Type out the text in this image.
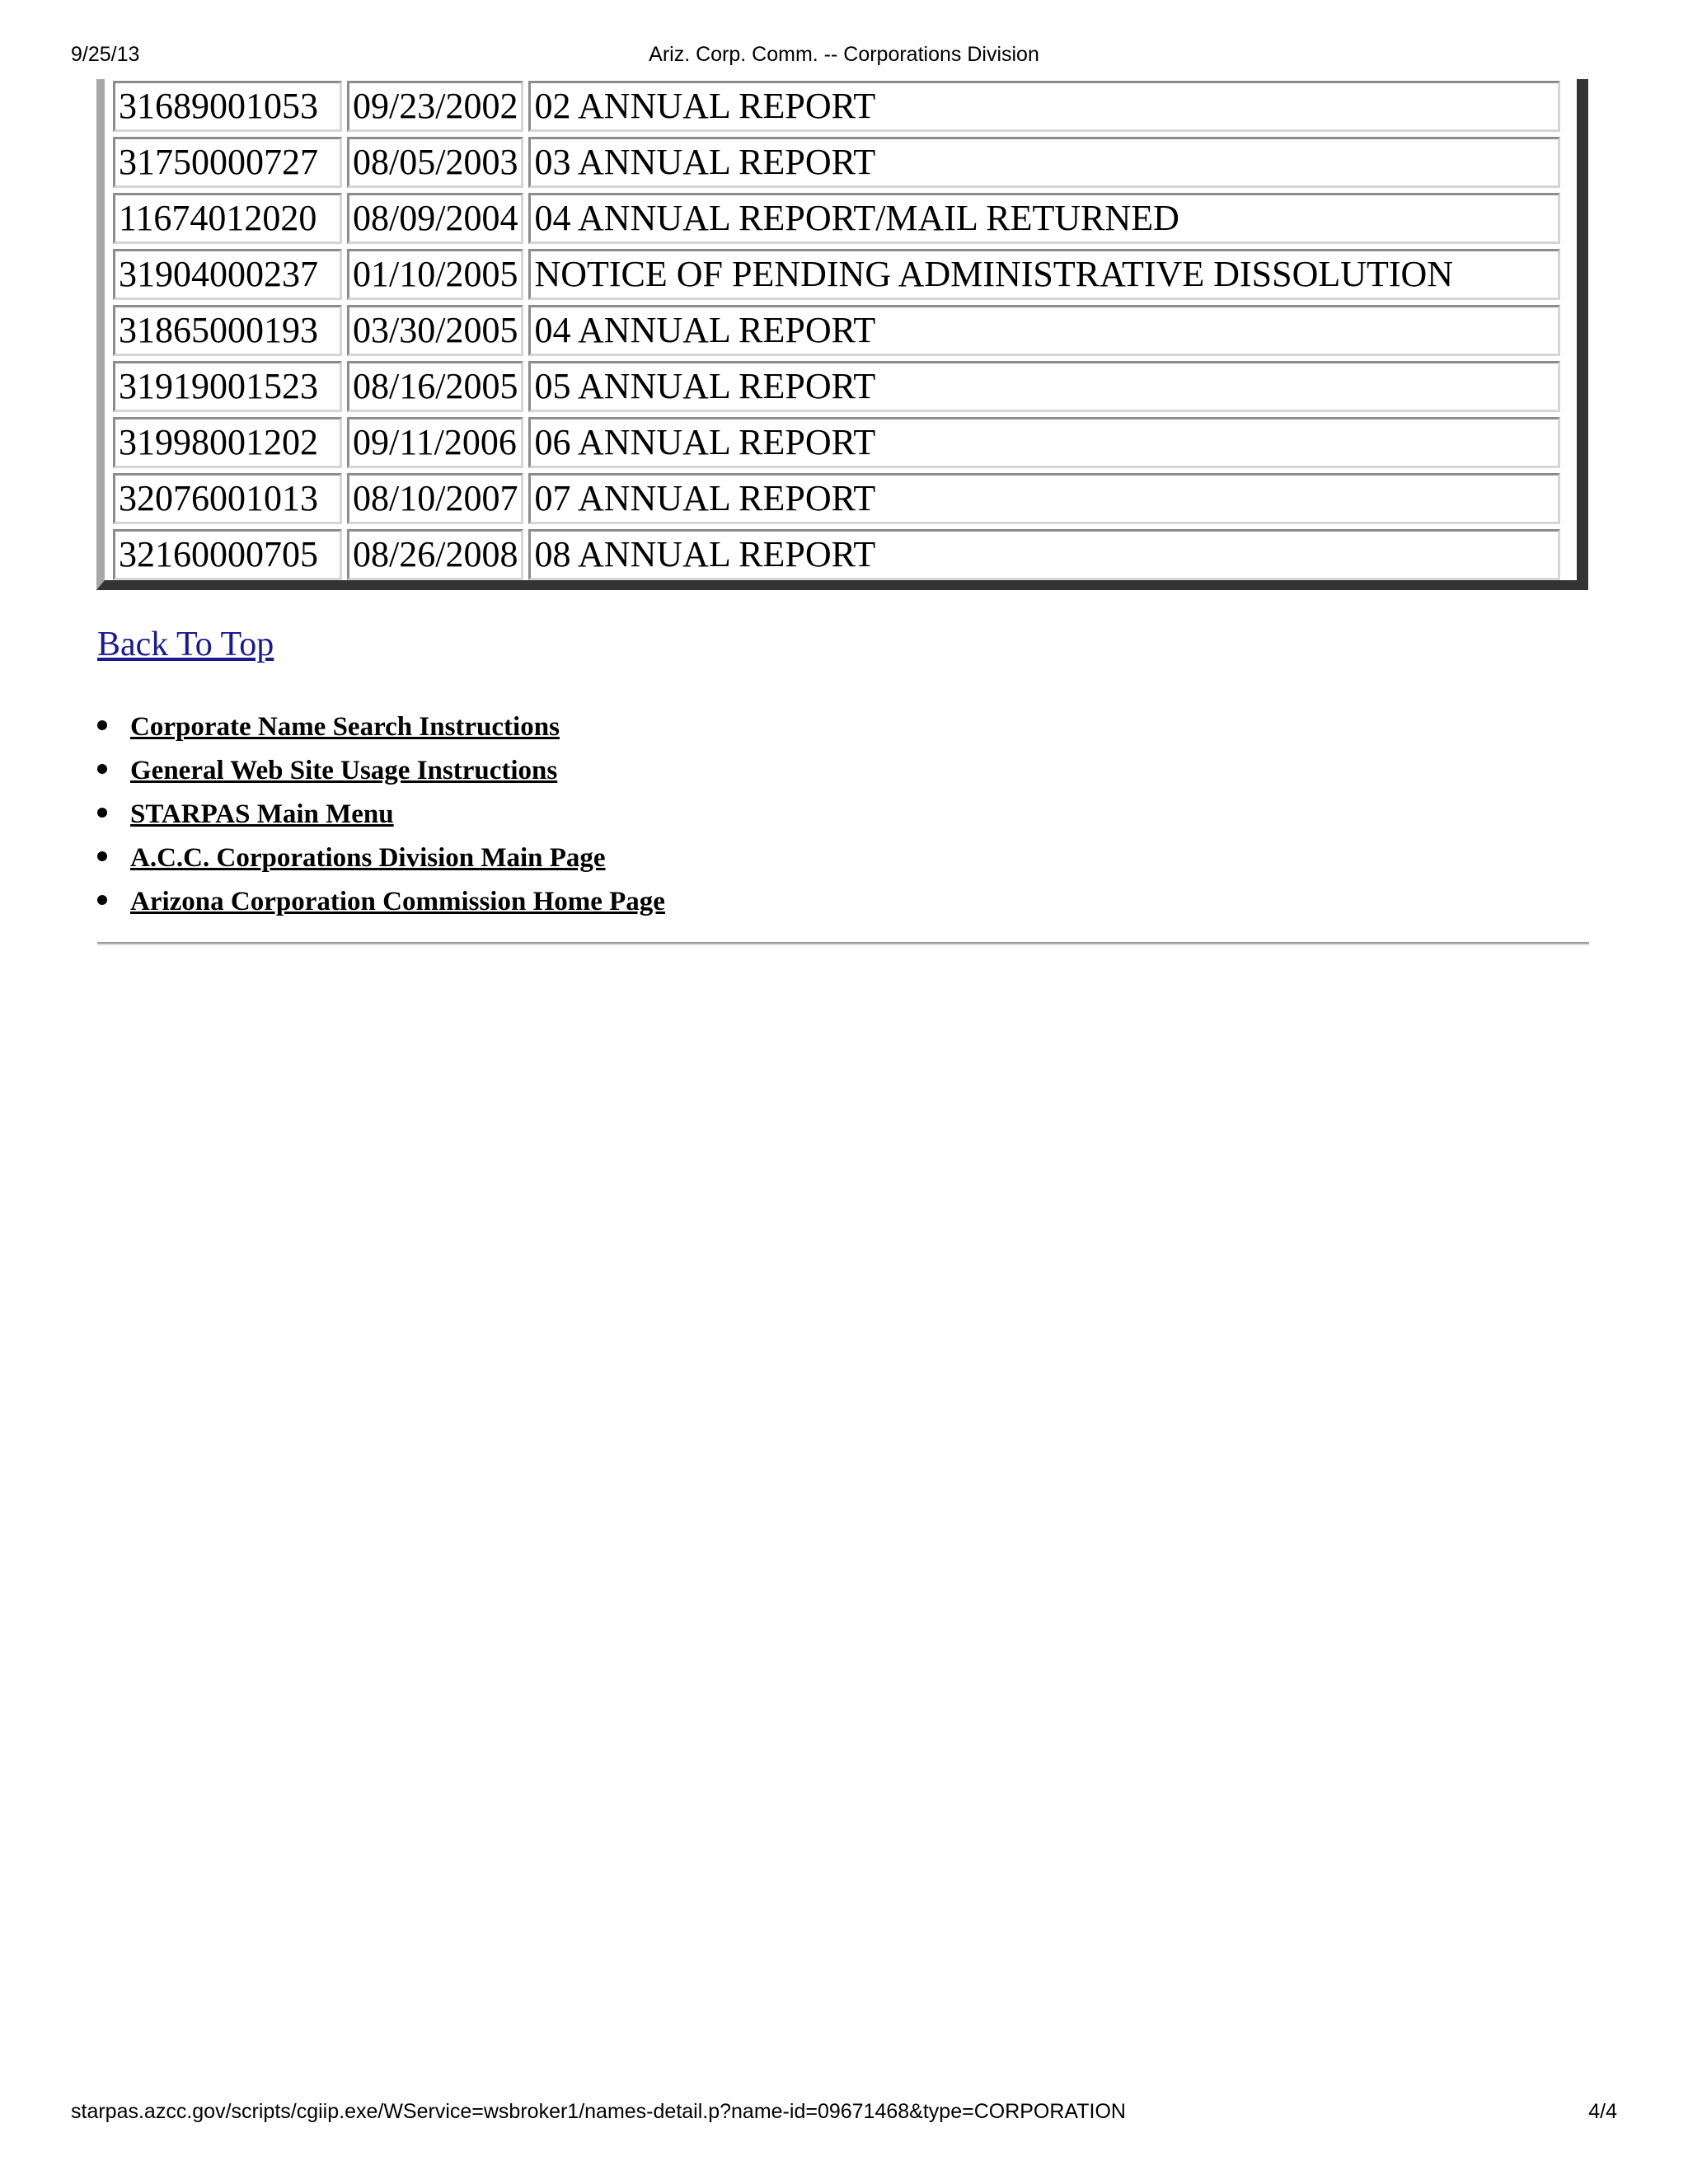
9/25/13	Ariz. Corp. Comm. -- Corporations Division
31689001053	09/23/2002	02 ANNUAL REPORT
31750000727	08/05/2003	03 ANNUAL REPORT
11674012020	08/09/2004	04 ANNUAL REPORT/MAIL RETURNED
31904000237	01/10/2005	NOTICE OF PENDING ADMINISTRATIVE DISSOLUTION
31865000193	03/30/2005	04 ANNUAL REPORT
31919001523	08/16/2005	05 ANNUAL REPORT
31998001202	09/11/2006	06 ANNUAL REPORT
32076001013	08/10/2007	07 ANNUAL REPORT
32160000705	08/26/2008	08 ANNUAL REPORT
Back To Top
Corporate Name Search Instructions
General Web Site Usage Instructions
STARPAS Main Menu
A.C.C. Corporations Division Main Page
Arizona Corporation Commission Home Page
starpas.azcc.gov/scripts/cgiip.exe/WService=wsbroker1/names-detail.p?name-id=09671468&type=CORPORATION	4/4
